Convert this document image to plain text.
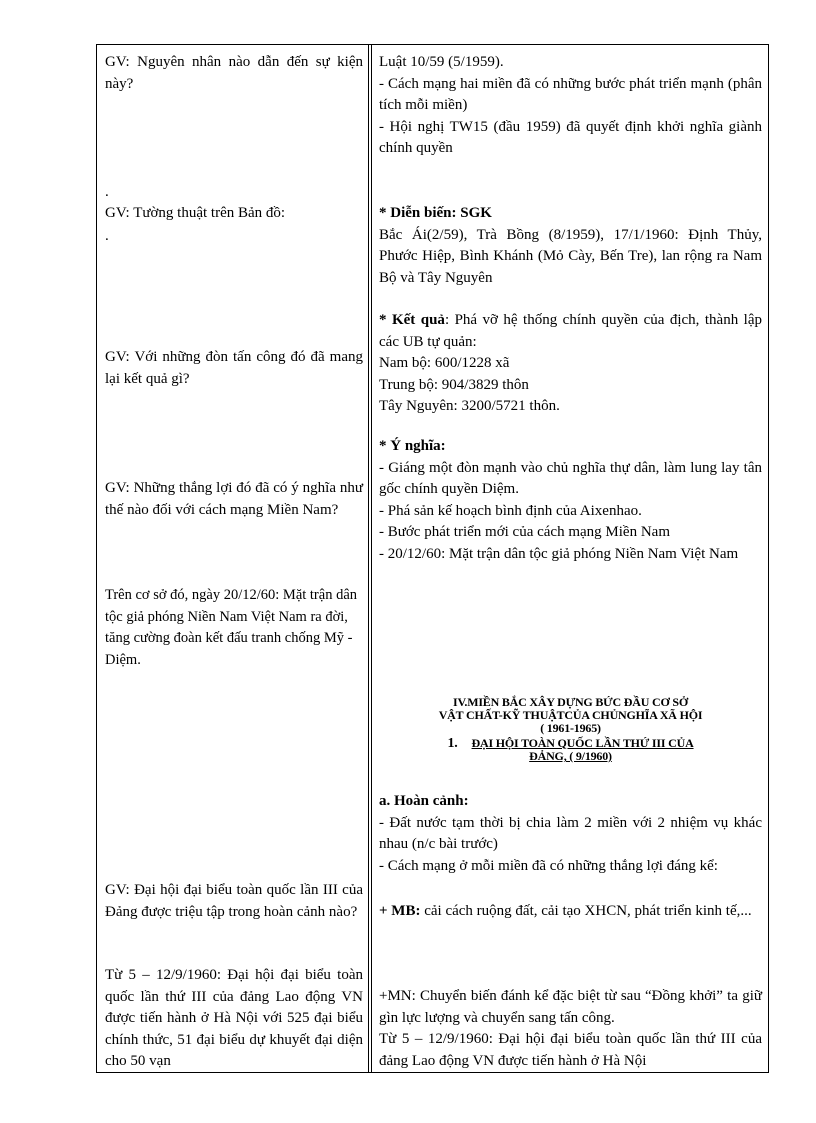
GV: Nguyên nhân nào dẫn đến sự kiện này?
.
GV: Tường thuật trên Bản đồ:
.
GV: Với những đòn tấn công đó đã mang lại kết quả gì?
GV: Những thắng lợi đó đã có ý nghĩa như thế nào đối với cách mạng Miền Nam?
Trên cơ sở đó, ngày 20/12/60: Mặt trận dân tộc giả phóng Niền Nam Việt Nam ra đời, tăng cường đoàn kết đấu tranh chống Mỹ - Diệm.
GV: Đại hội đại biểu toàn quốc lần III của Đảng được triệu tập trong hoàn cảnh nào?
Từ 5 – 12/9/1960: Đại hội đại biểu toàn quốc lần thứ III của đảng Lao động VN được tiến hành ở Hà Nội với 525 đại biểu chính thức, 51 đại biểu dự khuyết đại diện cho 50 vạn
Luật 10/59 (5/1959).
- Cách mạng hai miền đã có những bước phát triển mạnh (phân tích mỗi miền)
- Hội nghị TW15 (đầu 1959) đã quyết định khởi nghĩa giành chính quyền
* Diễn biến: SGK
Bắc Ái(2/59), Trà Bồng (8/1959), 17/1/1960: Định Thủy, Phước Hiệp, Bình Khánh (Mỏ Cày, Bến Tre), lan rộng ra Nam Bộ và Tây Nguyên
* Kết quả: Phá vỡ hệ thống chính quyền của địch, thành lập các UB tự quản:
Nam bộ: 600/1228 xã
Trung bộ: 904/3829 thôn
Tây Nguyên: 3200/5721 thôn.
* Ý nghĩa:
- Giáng một đòn mạnh vào chủ nghĩa thự dân, làm lung lay tân gốc chính quyền Diệm.
- Phá sản kế hoạch bình định của Aixenhao.
- Bước phát triển mới của cách mạng Miền Nam
- 20/12/60: Mặt trận dân tộc giả phóng Niền Nam Việt Nam
IV.MIỀN BẮC XÂY DỰNG BỨC ĐẦU CƠ SỞ
VẬT CHẤT-KỸ THUẬTCỦA CHỦNGHĨA XÃ HỘI
( 1961-1965)
1. ĐẠI HỘI TOÀN QUỐC LẦN THỨ III CỦA
ĐẢNG, ( 9/1960)
a. Hoàn cảnh:
- Đất nước tạm thời bị chia làm 2 miền với 2 nhiệm vụ khác nhau (n/c bài trước)
- Cách mạng ở mỗi miền đã có những thắng lợi đáng kể:
+ MB: cải cách ruộng đất, cải tạo XHCN, phát triển kinh tế,...
+MN: Chuyển biến đánh kể đặc biệt từ sau “Đồng khởi” ta giữ gìn lực lượng và chuyển sang tấn công.
Từ 5 – 12/9/1960: Đại hội đại biểu toàn quốc lần thứ III của đảng Lao động VN được tiến hành ở Hà Nội
